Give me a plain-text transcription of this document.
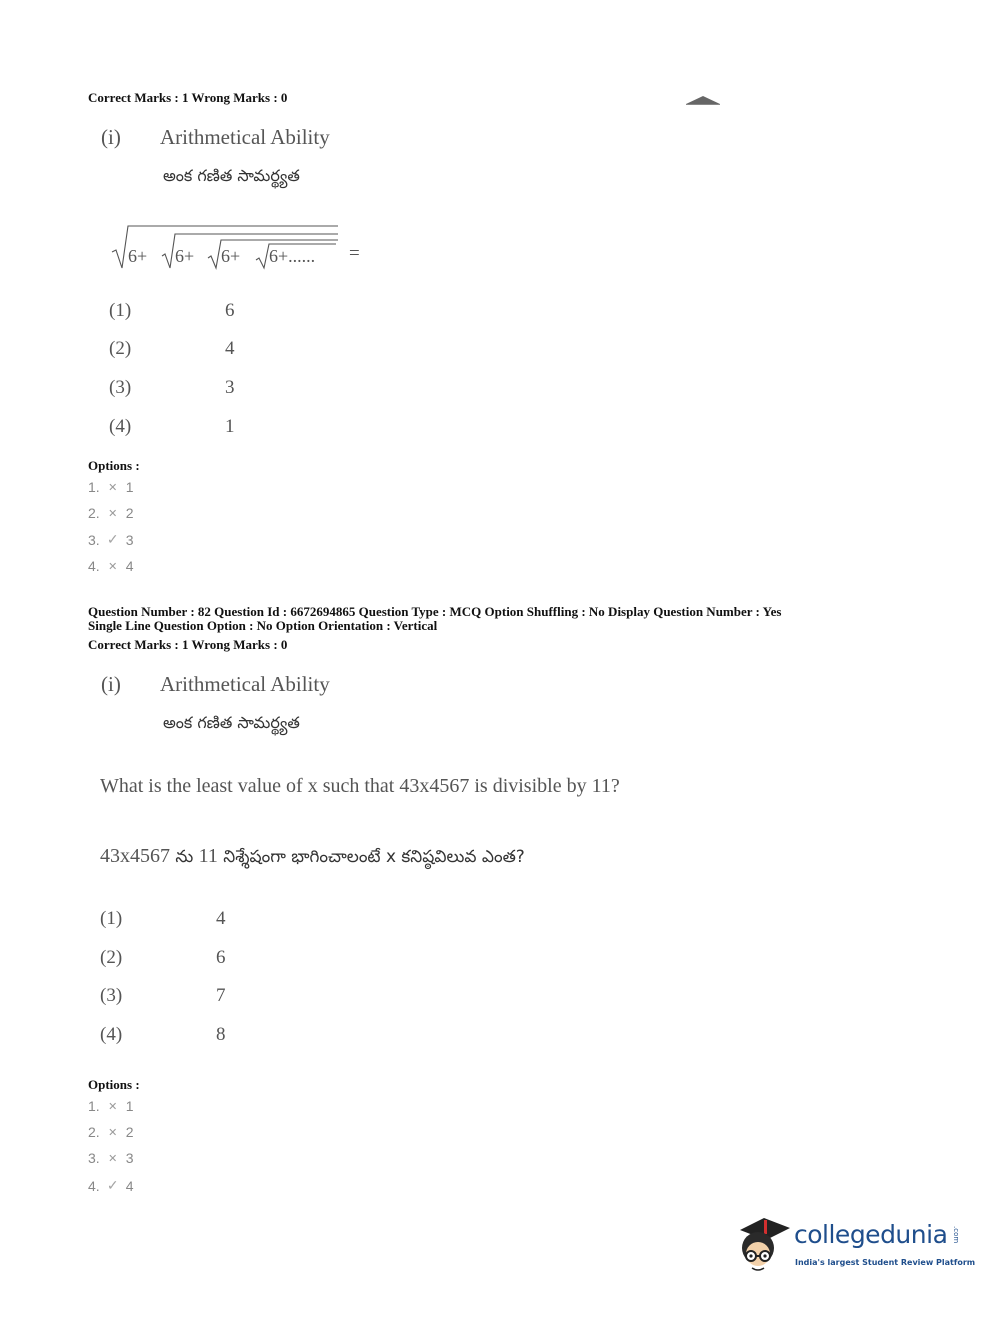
Correct Marks : 1 Wrong Marks : 0
(i) Arithmetical Ability
అంక గణిత సామర్థ్యత
6+ 6+ 6+ 6+...... =
(1)	6
(2)	4
(3)	3
(4)	1
Options :
1. ✕ 1
2. ✕ 2
3. ✓ 3
4. ✕ 4
Question Number : 82 Question Id : 6672694865 Question Type : MCQ Option Shuffling : No Display Question Number : Yes
Single Line Question Option : No Option Orientation : Vertical
Correct Marks : 1 Wrong Marks : 0
(i) Arithmetical Ability
అంక గణిత సామర్థ్యత
What is the least value of x such that 43x4567 is divisible by 11?
43x4567 ను 11 నిశ్శేషంగా భాగించాలంటే x కనిష్ఠవిలువ ఎంత?
(1)	4
(2)	6
(3)	7
(4)	8
Options :
1. ✕ 1
2. ✕ 2
3. ✕ 3
4. ✓ 4
collegedunia .com
India's largest Student Review Platform
